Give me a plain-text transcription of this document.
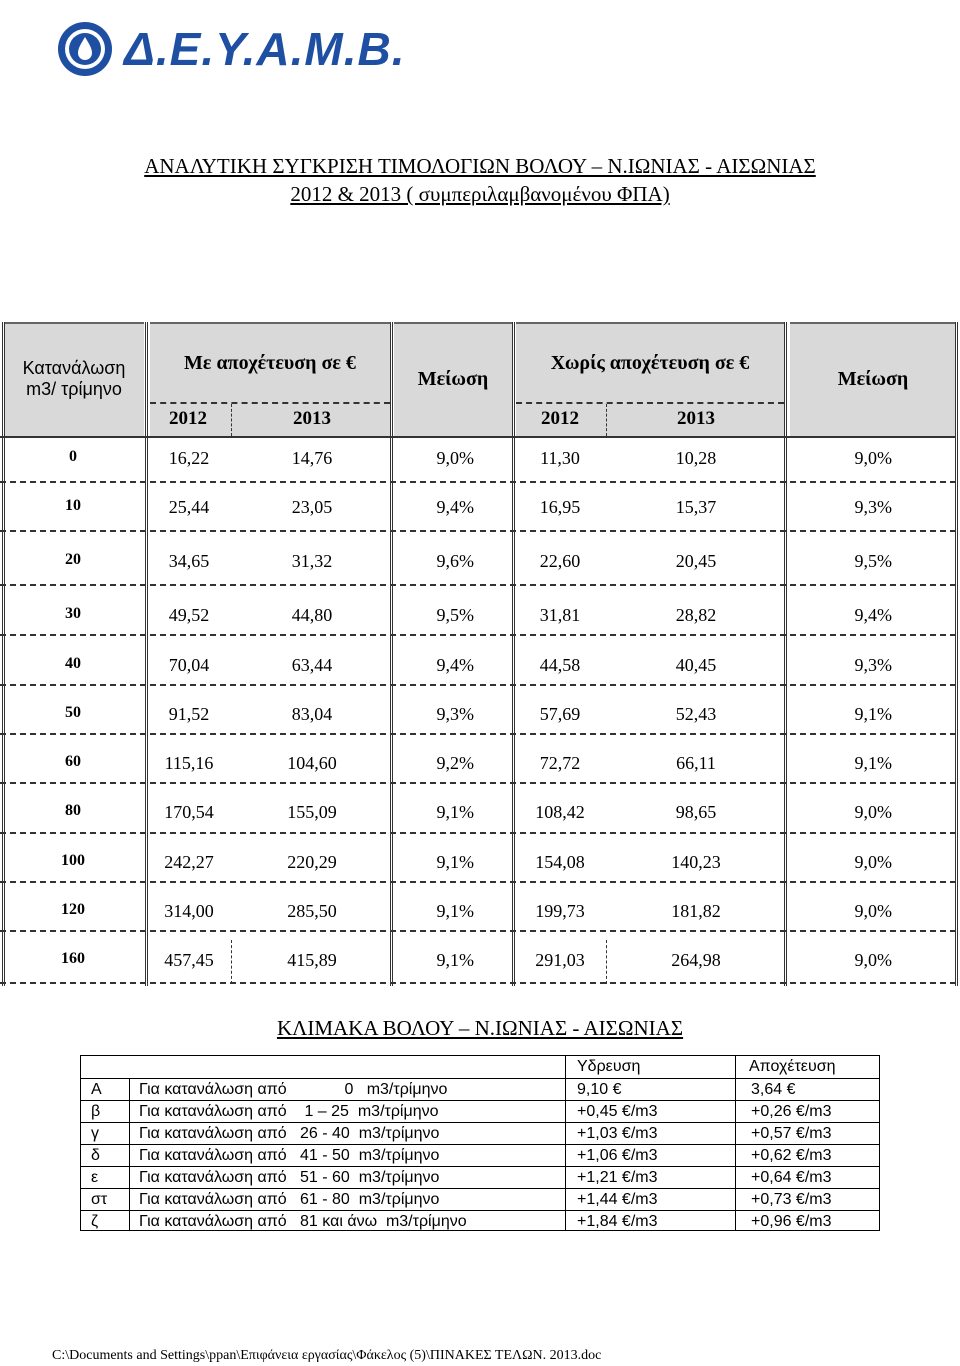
Δ.Ε.Υ.Α.Μ.Β.
ΑΝΑΛΥΤΙΚΗ ΣΥΓΚΡΙΣΗ ΤΙΜΟΛΟΓΙΩΝ ΒΟΛΟΥ – Ν.ΙΩΝΙΑΣ - ΑΙΣΩΝΙΑΣ
2012 & 2013 ( συμπεριλαμβανομένου ΦΠΑ)
Κατανάλωση
m3/ τρίμηνο
Με αποχέτευση σε €
Μείωση
Χωρίς αποχέτευση σε €
Μείωση
2012	2013	2012	2013
0	16,22	14,76	9,0%	11,30	10,28	9,0%
10	25,44	23,05	9,4%	16,95	15,37	9,3%
20	34,65	31,32	9,6%	22,60	20,45	9,5%
30	49,52	44,80	9,5%	31,81	28,82	9,4%
40	70,04	63,44	9,4%	44,58	40,45	9,3%
50	91,52	83,04	9,3%	57,69	52,43	9,1%
60	115,16	104,60	9,2%	72,72	66,11	9,1%
80	170,54	155,09	9,1%	108,42	98,65	9,0%
100	242,27	220,29	9,1%	154,08	140,23	9,0%
120	314,00	285,50	9,1%	199,73	181,82	9,0%
160	457,45	415,89	9,1%	291,03	264,98	9,0%
ΚΛΙΜΑΚΑ ΒΟΛΟΥ – Ν.ΙΩΝΙΑΣ - ΑΙΣΩΝΙΑΣ
Υδρευση	Αποχέτευση
Α Για κατανάλωση από             0   m3/τρίμηνο	9,10 €	3,64 €
β Για κατανάλωση από    1 – 25  m3/τρίμηνο	+0,45 €/m3	+0,26 €/m3
γ	Για κατανάλωση από   26 - 40  m3/τρίμηνο	+1,03 €/m3	+0,57 €/m3
δ Για κατανάλωση από   41 - 50  m3/τρίμηνο	+1,06 €/m3	+0,62 €/m3
ε	Για κατανάλωση από   51 - 60  m3/τρίμηνο	+1,21 €/m3	+0,64 €/m3
στ Για κατανάλωση από   61 - 80  m3/τρίμηνο	+1,44 €/m3	+0,73 €/m3
ζ	Για κατανάλωση από   81 και άνω  m3/τρίμηνο	+1,84 €/m3	+0,96 €/m3
C:\Documents and Settings\ppan\Επιφάνεια εργασίας\Φάκελος (5)\ΠΙΝΑΚΕΣ ΤΕΛΩΝ. 2013.doc
